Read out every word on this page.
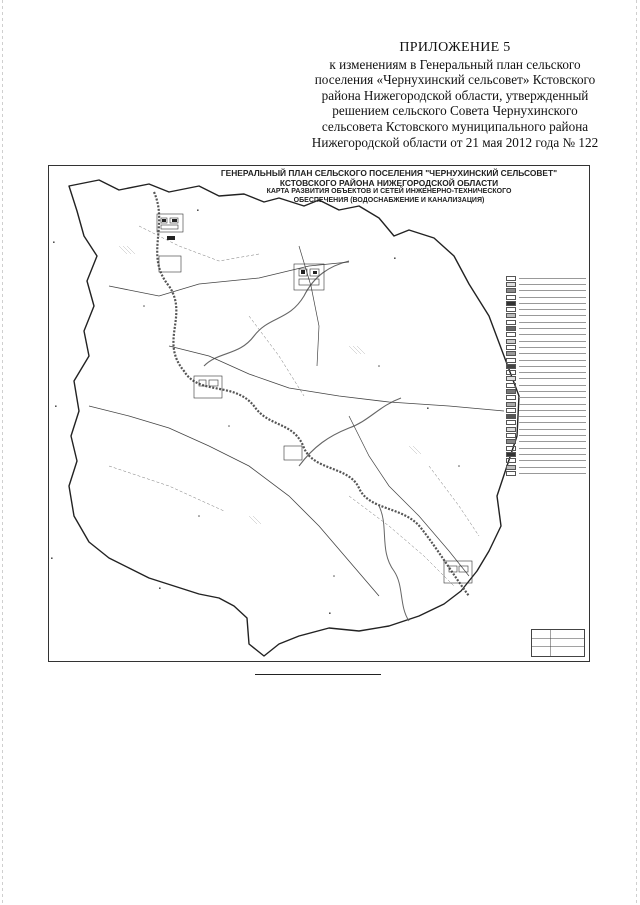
ПРИЛОЖЕНИЕ 5
к изменениям в Генеральный план сельского
поселения «Чернухинский сельсовет» Кстовского
района Нижегородской области, утвержденный
решением сельского Совета Чернухинского
сельсовета Кстовского муниципального района
Нижегородской области от 21 мая 2012 года № 122
ГЕНЕРАЛЬНЫЙ ПЛАН СЕЛЬСКОГО ПОСЕЛЕНИЯ "ЧЕРНУХИНСКИЙ СЕЛЬСОВЕТ"
КСТОВСКОГО РАЙОНА НИЖЕГОРОДСКОЙ ОБЛАСТИ
КАРТА РАЗВИТИЯ ОБЪЕКТОВ И СЕТЕЙ ИНЖЕНЕРНО-ТЕХНИЧЕСКОГО
ОБЕСПЕЧЕНИЯ (ВОДОСНАБЖЕНИЕ И КАНАЛИЗАЦИЯ)
■
■
■
■
■
■
■
■
